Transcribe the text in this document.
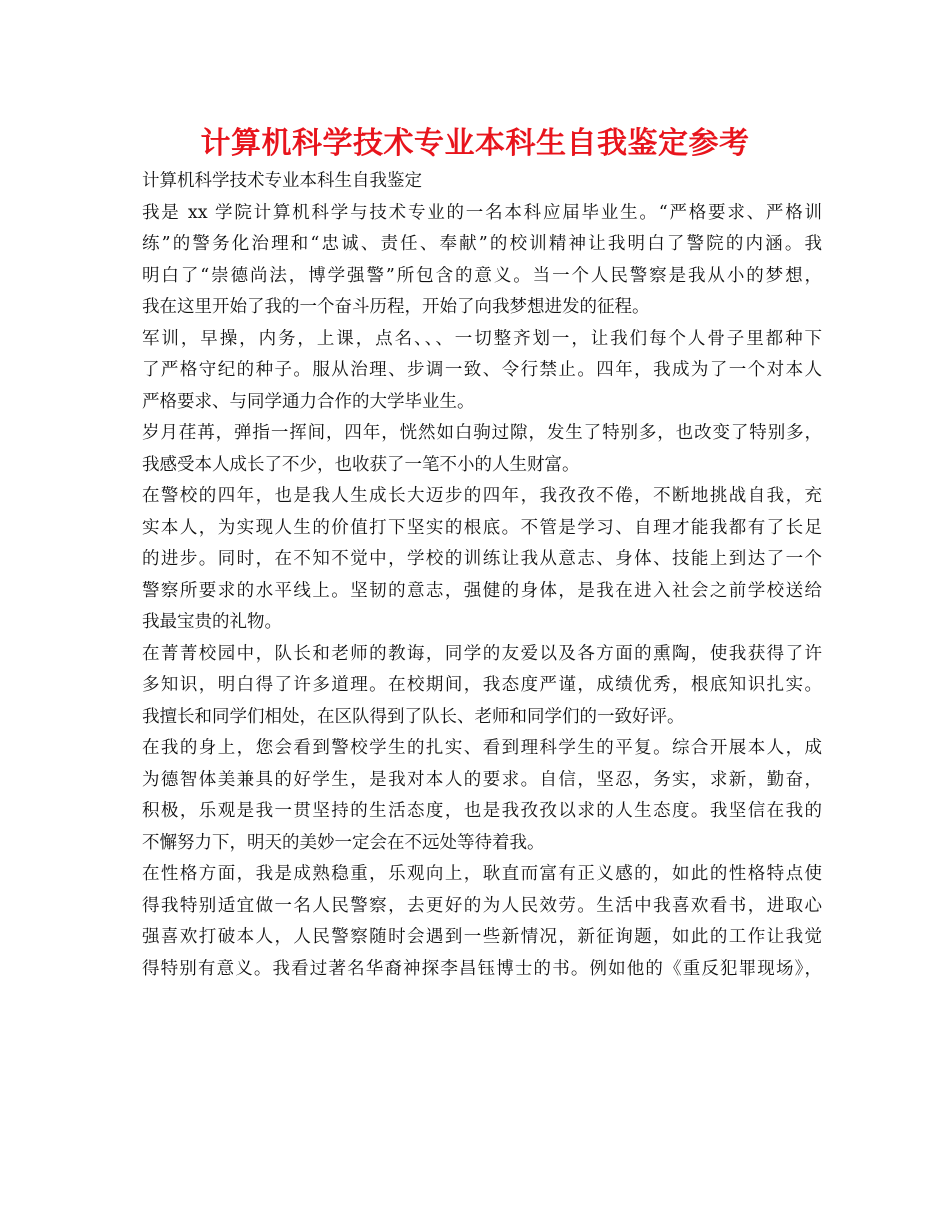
计算机科学技术专业本科生自我鉴定参考
计算机科学技术专业本科生自我鉴定
我是 xx 学院计算机科学与技术专业的一名本科应届毕业生。“严格要求、严格训
练”的警务化治理和“忠诚、责任、奉献”的校训精神让我明白了警院的内涵。我
明白了“崇德尚法，博学强警”所包含的意义。当一个人民警察是我从小的梦想，
我在这里开始了我的一个奋斗历程，开始了向我梦想进发的征程。
军训，早操，内务，上课，点名、、、一切整齐划一，让我们每个人骨子里都种下
了严格守纪的种子。服从治理、步调一致、令行禁止。四年，我成为了一个对本人
严格要求、与同学通力合作的大学毕业生。
岁月荏苒，弹指一挥间，四年，恍然如白驹过隙，发生了特别多，也改变了特别多，
我感受本人成长了不少，也收获了一笔不小的人生财富。
在警校的四年，也是我人生成长大迈步的四年，我孜孜不倦，不断地挑战自我，充
实本人，为实现人生的价值打下坚实的根底。不管是学习、自理才能我都有了长足
的进步。同时，在不知不觉中，学校的训练让我从意志、身体、技能上到达了一个
警察所要求的水平线上。坚韧的意志，强健的身体，是我在进入社会之前学校送给
我最宝贵的礼物。
在菁菁校园中，队长和老师的教诲，同学的友爱以及各方面的熏陶，使我获得了许
多知识，明白得了许多道理。在校期间，我态度严谨，成绩优秀，根底知识扎实。
我擅长和同学们相处，在区队得到了队长、老师和同学们的一致好评。
在我的身上，您会看到警校学生的扎实、看到理科学生的平复。综合开展本人，成
为德智体美兼具的好学生，是我对本人的要求。自信，坚忍，务实，求新，勤奋，
积极，乐观是我一贯坚持的生活态度，也是我孜孜以求的人生态度。我坚信在我的
不懈努力下，明天的美妙一定会在不远处等待着我。
在性格方面，我是成熟稳重，乐观向上，耿直而富有正义感的，如此的性格特点使
得我特别适宜做一名人民警察，去更好的为人民效劳。生活中我喜欢看书，进取心
强喜欢打破本人，人民警察随时会遇到一些新情况，新征询题，如此的工作让我觉
得特别有意义。我看过著名华裔神探李昌钰博士的书。例如他的《重反犯罪现场》，
